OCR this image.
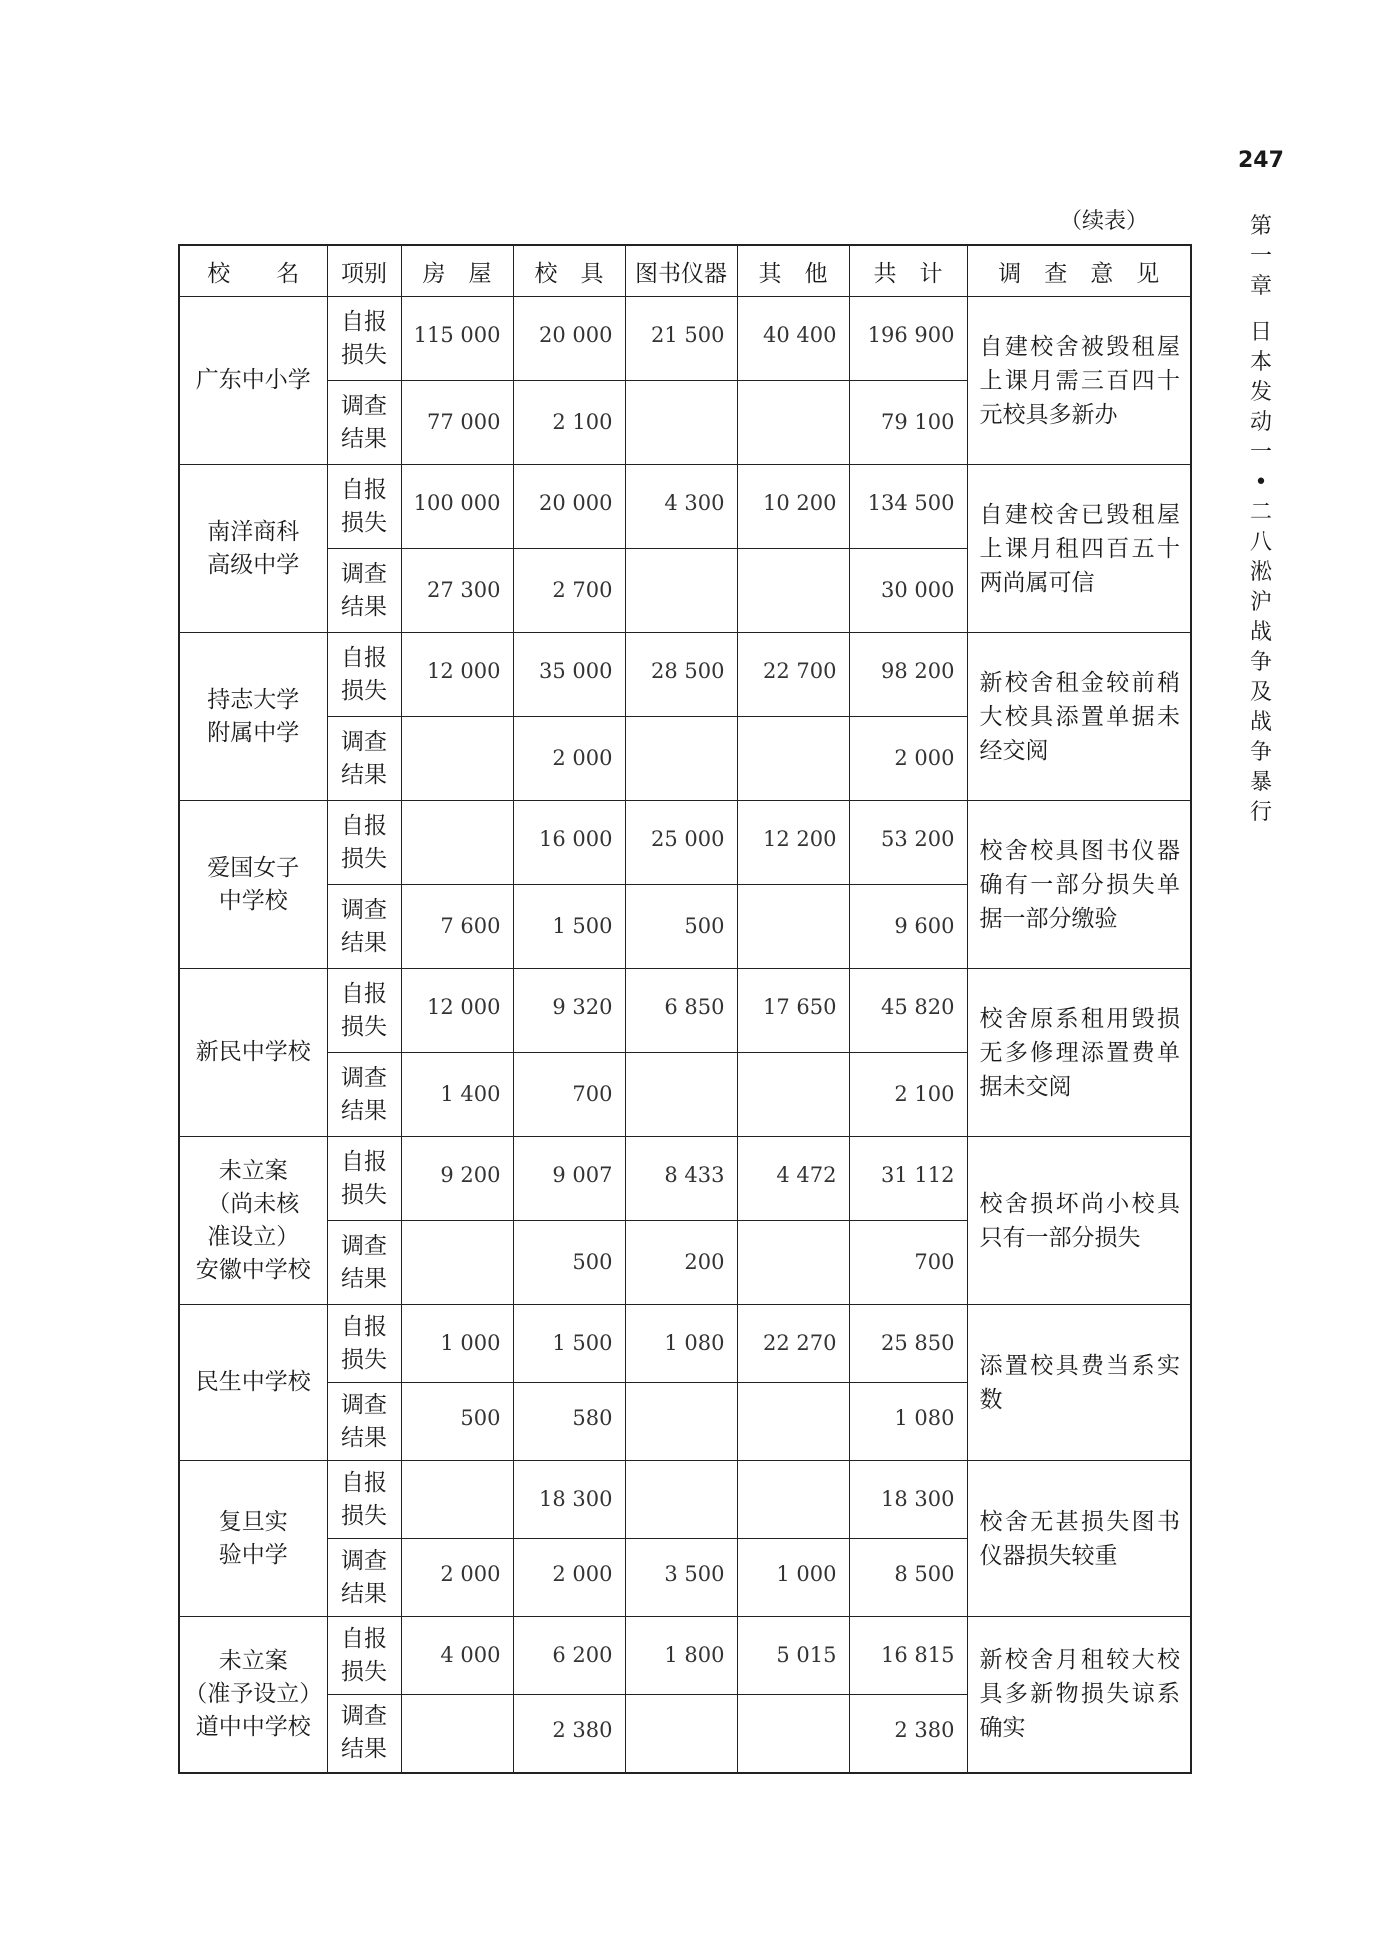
247
（续表）	第
一
章
日
本
发
动
一
•
二
八
淞
沪
战
争
及
战
争
暴
行
校　　名	项别	房　屋	校　具	图书仪器	其　他	共　计	调　查　意　见

广东中小学	自报
损失	115 000	20 000	21 500	40 400	196 900	自建校舍被毁租屋上课月需三百四十元校具多新办

	调查
结果	77 000	2 100			79 100	

南洋商科
高级中学	自报
损失	100 000	20 000	4 300	10 200	134 500	自建校舍已毁租屋上课月租四百五十两尚属可信

	调查
结果	27 300	2 700			30 000	

持志大学
附属中学	自报
损失	12 000	35 000	28 500	22 700	98 200	新校舍租金较前稍大校具添置单据未经交阅

	调查
结果		2 000			2 000	

爱国女子
中学校	自报
损失		16 000	25 000	12 200	53 200	校舍校具图书仪器确有一部分损失单据一部分缴验

	调查
结果	7 600	1 500	500		9 600	

新民中学校	自报
损失	12 000	9 320	6 850	17 650	45 820	校舍原系租用毁损无多修理添置费单据未交阅

	调查
结果	1 400	700			2 100	

未立案
（尚未核
准设立）
安徽中学校	自报
损失	9 200	9 007	8 433	4 472	31 112	校舍损坏尚小校具只有一部分损失

	调查
结果		500	200		700	

民生中学校	自报
损失	1 000	1 500	1 080	22 270	25 850	添置校具费当系实数

	调查
结果	500	580			1 080	

复旦实
验中学	自报
损失		18 300			18 300	校舍无甚损失图书仪器损失较重

	调查
结果	2 000	2 000	3 500	1 000	8 500	

未立案
（准予设立）
道中中学校	自报
损失	4 000	6 200	1 800	5 015	16 815	新校舍月租较大校具多新物损失谅系确实

	调查
结果		2 380			2 380	
